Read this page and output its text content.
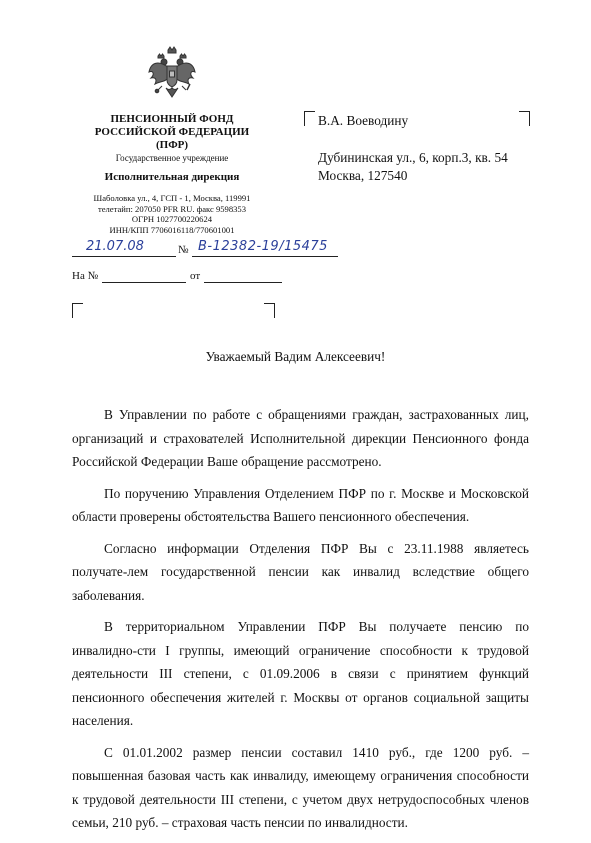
ПЕНСИОННЫЙ ФОНД
РОССИЙСКОЙ ФЕДЕРАЦИИ
(ПФР)
Государственное учреждение
Исполнительная дирекция
Шаболовка ул., 4, ГСП - 1, Москва, 119991
телетайп: 207050 PFR RU. факс 9598353
ОГРН 1027700220624
ИНН/КПП 7706016118/770601001
21.07.08	№ В-12382-19/15475
На №	от
В.А. Воеводину
Дубининская ул., 6, корп.3, кв. 54
Москва, 127540
Уважаемый Вадим Алексеевич!

В Управлении по работе с обращениями граждан, застрахованных лиц, организаций и страхователей Исполнительной дирекции Пенсионного фонда Российской Федерации Ваше обращение рассмотрено.

По поручению Управления Отделением ПФР по г. Москве и Московской области проверены обстоятельства Вашего пенсионного обеспечения.

Согласно информации Отделения ПФР Вы с 23.11.1988 являетесь получате-лем государственной пенсии как инвалид вследствие общего заболевания.

В территориальном Управлении ПФР Вы получаете пенсию по инвалидно-сти I группы, имеющий ограничение способности к трудовой деятельности III степени, с 01.09.2006 в связи с принятием функций пенсионного обеспечения жителей г. Москвы от органов социальной защиты населения.

С 01.01.2002 размер пенсии составил 1410 руб., где 1200 руб. – повышенная базовая часть как инвалиду, имеющему ограничения способности к трудовой деятельности III степени, с учетом двух нетрудоспособных членов семьи, 210 руб. – страховая часть пенсии по инвалидности.
